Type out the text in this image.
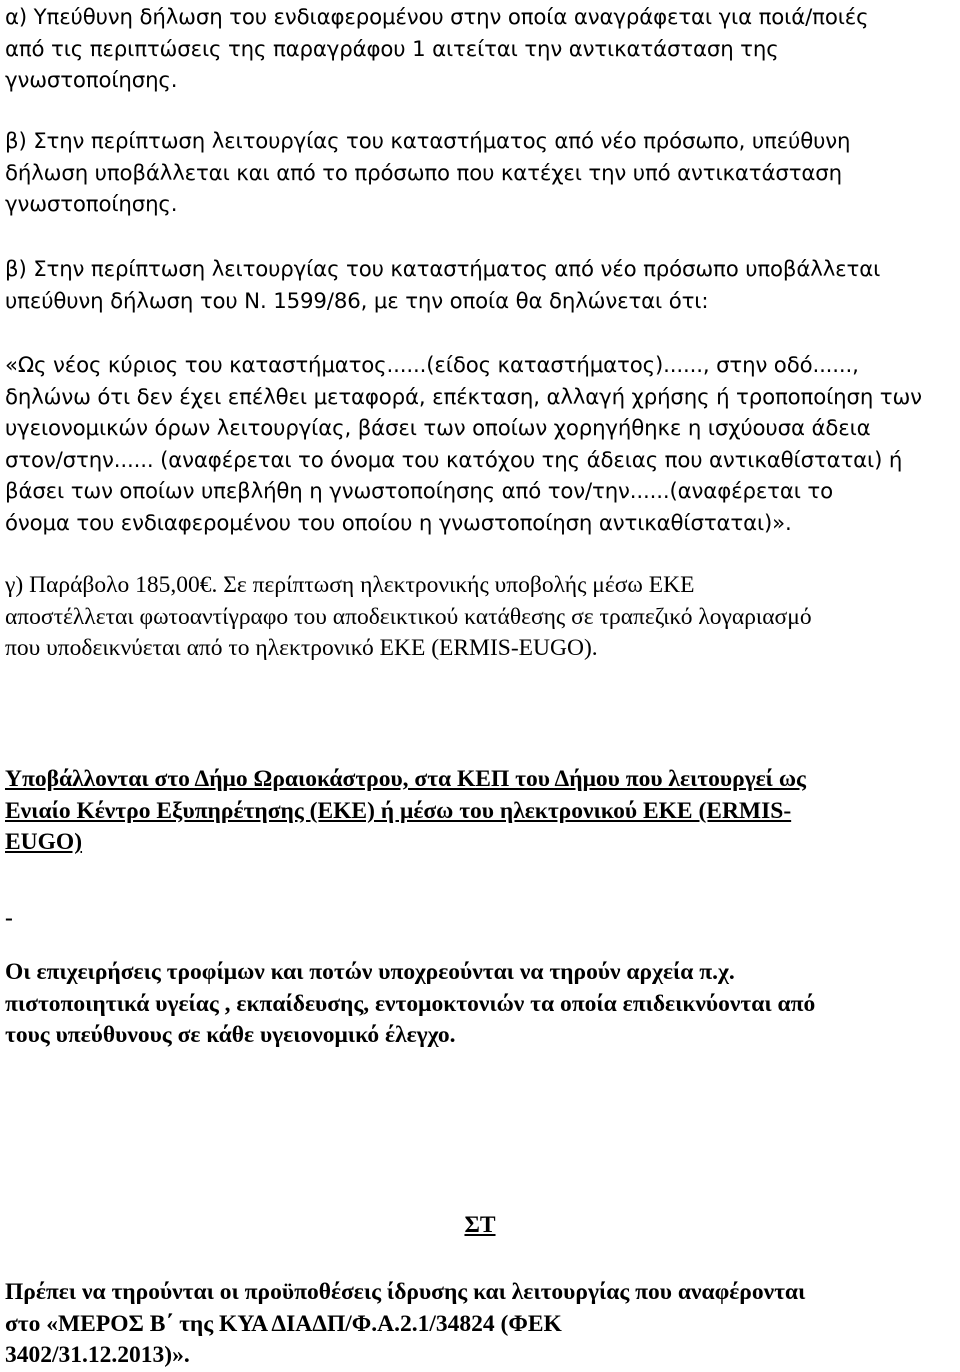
α) Υπεύθυνη δήλωση του ενδιαφερομένου στην οποία αναγράφεται για ποιά/ποιές
από τις περιπτώσεις της παραγράφου 1 αιτείται την αντικατάσταση της
γνωστοποίησης.

β) Στην περίπτωση λειτουργίας του καταστήματος από νέο πρόσωπο, υπεύθυνη
δήλωση υποβάλλεται και από το πρόσωπο που κατέχει την υπό αντικατάσταση
γνωστοποίησης.

β) Στην περίπτωση λειτουργίας του καταστήματος από νέο πρόσωπο υποβάλλεται
υπεύθυνη δήλωση του Ν. 1599/86, με την οποία θα δηλώνεται ότι:

«Ως νέος κύριος του καταστήματος......(είδος καταστήματος)......, στην οδό......,
δηλώνω ότι δεν έχει επέλθει μεταφορά, επέκταση, αλλαγή χρήσης ή τροποποίηση των
υγειονομικών όρων λειτουργίας, βάσει των οποίων χορηγήθηκε η ισχύουσα άδεια
στον/στην...... (αναφέρεται το όνομα του κατόχου της άδειας που αντικαθίσταται) ή
βάσει των οποίων υπεβλήθη η γνωστοποίησης από τον/την......(αναφέρεται το
όνομα του ενδιαφερομένου του οποίου η γνωστοποίηση αντικαθίσταται)».

γ) Παράβολο 185,00€. Σε περίπτωση ηλεκτρονικής υποβολής μέσω ΕΚΕ
αποστέλλεται φωτοαντίγραφο του αποδεικτικού κατάθεσης σε τραπεζικό λογαριασμό
που υποδεικνύεται από το ηλεκτρονικό ΕΚΕ (ERMIS-EUGO).

Υποβάλλονται στο Δήμο Ωραιοκάστρου, στα ΚΕΠ του Δήμου που λειτουργεί ως
Ενιαίο Κέντρο Εξυπηρέτησης (ΕΚΕ) ή μέσω του ηλεκτρονικού ΕΚΕ (ERMIS-
EUGO)

-

Οι επιχειρήσεις τροφίμων και ποτών υποχρεούνται να τηρούν αρχεία π.χ.
πιστοποιητικά υγείας , εκπαίδευσης, εντομοκτονιών τα οποία επιδεικνύονται από
τους υπεύθυνους σε κάθε υγειονομικό έλεγχο.

ΣΤ

Πρέπει να τηρούνται οι προϋποθέσεις ίδρυσης και λειτουργίας που αναφέρονται
στο «ΜΕΡΟΣ Β΄ της ΚΥΑ ΔΙΑΔΠ/Φ.Α.2.1/34824 (ΦΕΚ
3402/31.12.2013)».
